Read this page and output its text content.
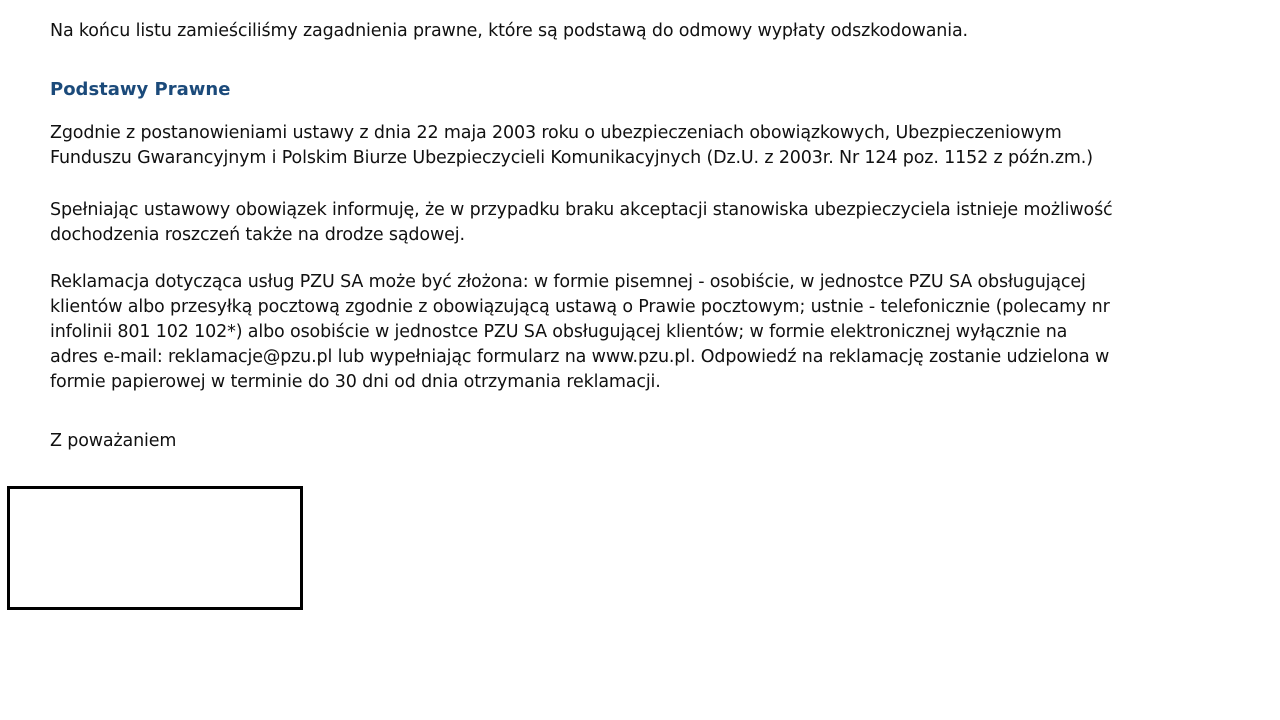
Na końcu listu zamieściliśmy zagadnienia prawne, które są podstawą do odmowy wypłaty odszkodowania.

Podstawy Prawne

Zgodnie z postanowieniami ustawy z dnia 22 maja 2003 roku o ubezpieczeniach obowiązkowych, Ubezpieczeniowym
Funduszu Gwarancyjnym i Polskim Biurze Ubezpieczycieli Komunikacyjnych (Dz.U. z 2003r. Nr 124 poz. 1152 z późn.zm.)

Spełniając ustawowy obowiązek informuję, że w przypadku braku akceptacji stanowiska ubezpieczyciela istnieje możliwość
dochodzenia roszczeń także na drodze sądowej.

Reklamacja dotycząca usług PZU SA może być złożona: w formie pisemnej - osobiście, w jednostce PZU SA obsługującej
klientów albo przesyłką pocztową zgodnie z obowiązującą ustawą o Prawie pocztowym; ustnie - telefonicznie (polecamy nr
infolinii 801 102 102*) albo osobiście w jednostce PZU SA obsługującej klientów; w formie elektronicznej wyłącznie na
adres e-mail: reklamacje@pzu.pl lub wypełniając formularz na www.pzu.pl. Odpowiedź na reklamację zostanie udzielona w
formie papierowej w terminie do 30 dni od dnia otrzymania reklamacji.

Z poważaniem
